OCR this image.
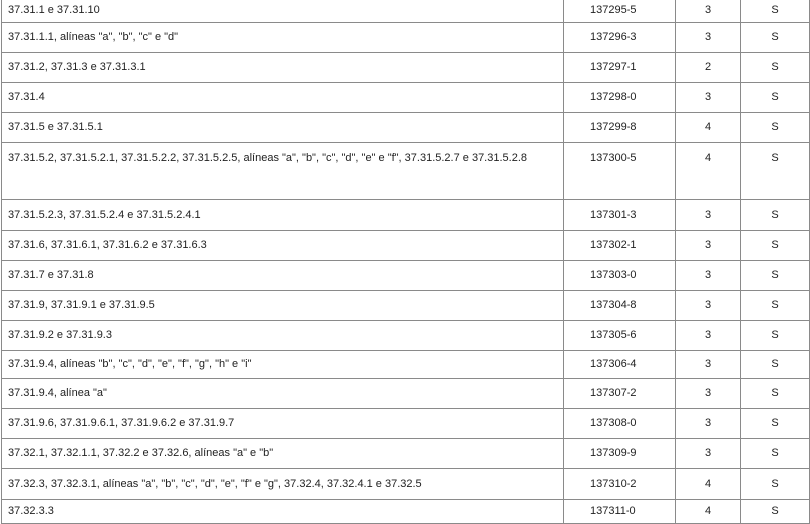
37.31.1 e 37.31.10	137295-5	3	S
37.31.1.1, alíneas "a", "b", "c" e "d"	137296-3	3	S
37.31.2, 37.31.3 e 37.31.3.1	137297-1	2	S
37.31.4	137298-0	3	S
37.31.5 e 37.31.5.1	137299-8	4	S
37.31.5.2, 37.31.5.2.1, 37.31.5.2.2, 37.31.5.2.5, alíneas "a", "b", "c", "d", "e" e "f", 37.31.5.2.7 e 37.31.5.2.8	137300-5	4	S
37.31.5.2.3, 37.31.5.2.4 e 37.31.5.2.4.1	137301-3	3	S
37.31.6, 37.31.6.1, 37.31.6.2 e 37.31.6.3	137302-1	3	S
37.31.7 e 37.31.8	137303-0	3	S
37.31.9, 37.31.9.1 e 37.31.9.5	137304-8	3	S
37.31.9.2 e 37.31.9.3	137305-6	3	S
37.31.9.4, alíneas "b", "c", "d", "e", "f", "g", "h" e "i"	137306-4	3	S
37.31.9.4, alínea "a"	137307-2	3	S
37.31.9.6, 37.31.9.6.1, 37.31.9.6.2 e 37.31.9.7	137308-0	3	S
37.32.1, 37.32.1.1, 37.32.2 e 37.32.6, alíneas "a" e "b"	137309-9	3	S
37.32.3, 37.32.3.1, alíneas "a", "b", "c", "d", "e", "f" e "g", 37.32.4, 37.32.4.1 e 37.32.5	137310-2	4	S
37.32.3.3	137311-0	4	S
